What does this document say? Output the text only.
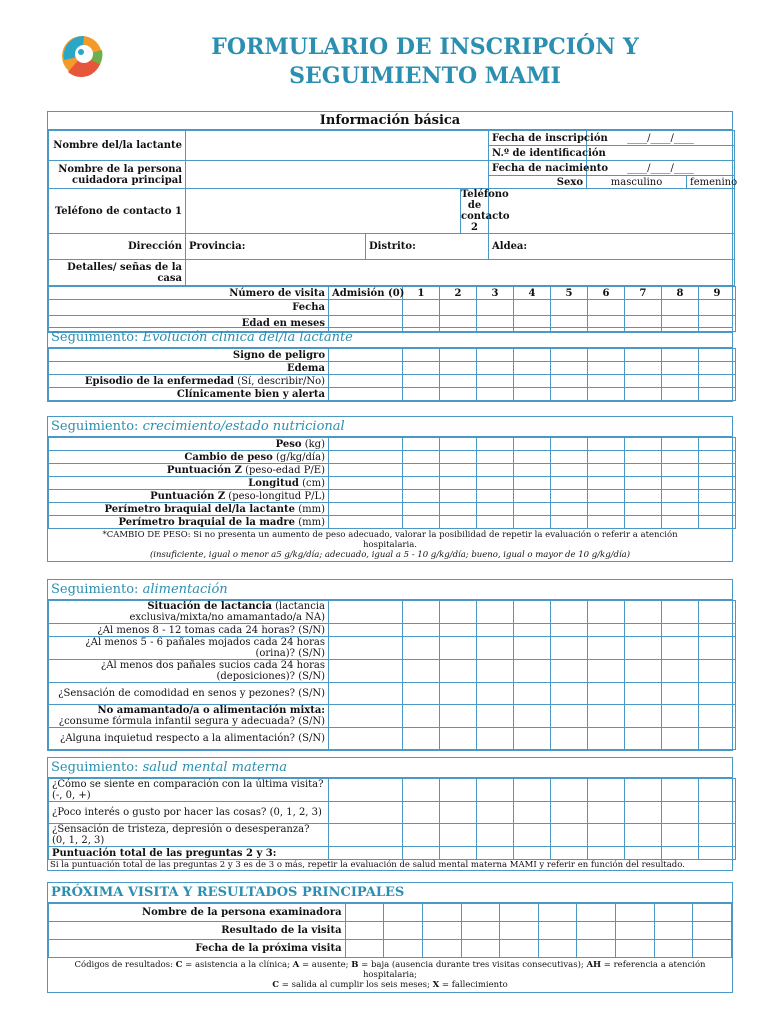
FORMULARIO DE INSCRIPCIÓN Y SEGUIMIENTO MAMI
Información básica
Nombre del/la lactante				Fecha de inscripción	____/____/____	
				N.º de identificación		
Nombre de la persona cuidadora principal				Fecha de nacimiento	____/____/____	
				Sexo	masculino	femenino
Teléfono de contacto 1			Teléfono de contacto 2			
Dirección	Provincia:	Distrito:		Aldea:		
Detalles/ señas de la casa						
Número de visita	Admisión (0)	1	2	3	4	5	6	7	8	9
Fecha										
Edad en meses										
Seguimiento: Evolución clínica del/la lactante
Signo de peligro										
Edema										
Episodio de la enfermedad (Sí, describir/No)										
Clínicamente bien y alerta										
Seguimiento: crecimiento/estado nutricional
Peso (kg)										
Cambio de peso (g/kg/día)										
Puntuación Z (peso-edad P/E)										
Longitud (cm)										
Puntuación Z (peso-longitud P/L)										
Perímetro braquial del/la lactante (mm)										
Perímetro braquial de la madre (mm)										
*CAMBIO DE PESO: Si no presenta un aumento de peso adecuado, valorar la posibilidad de repetir la evaluación o referir a atención hospitalaria.
(insuficiente, igual o menor a5 g/kg/día; adecuado, igual a 5 - 10 g/kg/día; bueno, igual o mayor de 10 g/kg/día)
Seguimiento: alimentación
Situación de lactancia (lactancia exclusiva/mixta/no amamantado/a NA)										
¿Al menos 8 - 12 tomas cada 24 horas? (S/N)										
¿Al menos 5 - 6 pañales mojados cada 24 horas (orina)? (S/N)										
¿Al menos dos pañales sucios cada 24 horas (deposiciones)? (S/N)										
¿Sensación de comodidad en senos y pezones? (S/N)										
No amamantado/a o alimentación mixta: ¿consume fórmula infantil segura y adecuada? (S/N)										
¿Alguna inquietud respecto a la alimentación? (S/N)										
Seguimiento: salud mental materna
¿Cómo se siente en comparación con la última visita? (-, 0, +)										
¿Poco interés o gusto por hacer las cosas? (0, 1, 2, 3)										
¿Sensación de tristeza, depresión o desesperanza? (0, 1, 2, 3)										
Puntuación total de las preguntas 2 y 3:										
Si la puntuación total de las preguntas 2 y 3 es de 3 o más, repetir la evaluación de salud mental materna MAMI y referir en función del resultado.
PRÓXIMA VISITA Y RESULTADOS PRINCIPALES
Nombre de la persona examinadora										
Resultado de la visita										
Fecha de la próxima visita										
Códigos de resultados: C = asistencia a la clínica; A = ausente; B = baja (ausencia durante tres visitas consecutivas); AH = referencia a atención hospitalaria;
C = salida al cumplir los seis meses; X = fallecimiento
